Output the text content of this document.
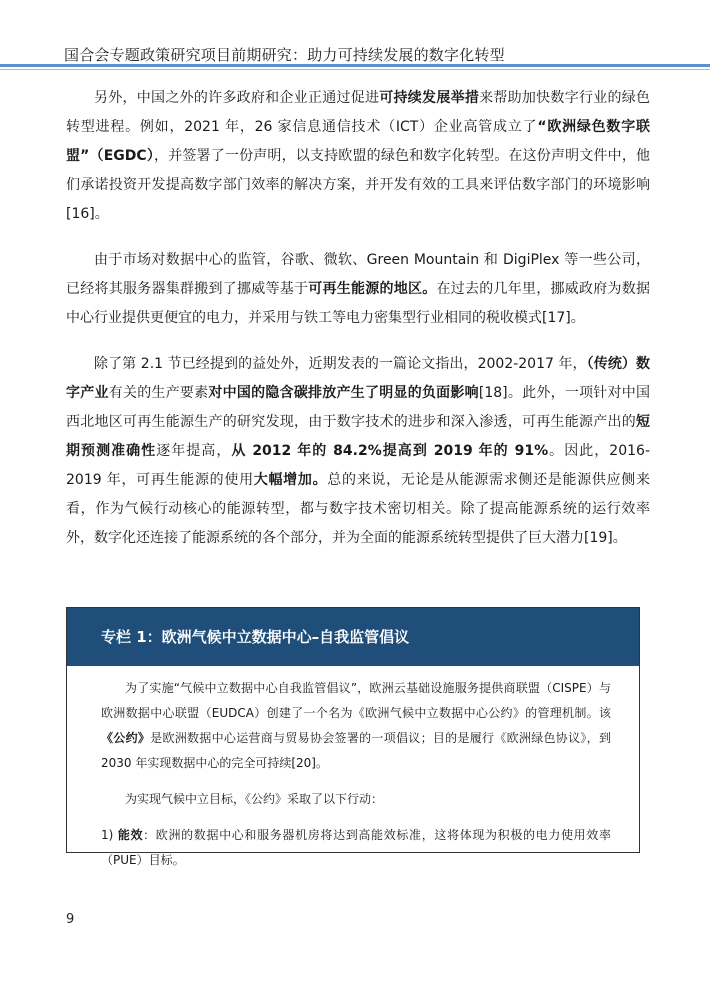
国合会专题政策研究项目前期研究：助力可持续发展的数字化转型

另外，中国之外的许多政府和企业正通过促进可持续发展举措来帮助加快数字行业的绿色转型进程。例如，2021 年，26 家信息通信技术（ICT）企业高管成立了“欧洲绿色数字联盟”（EGDC），并签署了一份声明，以支持欧盟的绿色和数字化转型。在这份声明文件中，他们承诺投资开发提高数字部门效率的解决方案，并开发有效的工具来评估数字部门的环境影响[16]。

由于市场对数据中心的监管，谷歌、微软、Green Mountain 和 DigiPlex 等一些公司，已经将其服务器集群搬到了挪威等基于可再生能源的地区。在过去的几年里，挪威政府为数据中心行业提供更便宜的电力，并采用与铁工等电力密集型行业相同的税收模式[17]。

除了第 2.1 节已经提到的益处外，近期发表的一篇论文指出，2002-2017 年，（传统）数字产业有关的生产要素对中国的隐含碳排放产生了明显的负面影响[18]。此外，一项针对中国西北地区可再生能源生产的研究发现，由于数字技术的进步和深入渗透，可再生能源产出的短期预测准确性逐年提高，从 2012 年的 84.2%提高到 2019 年的 91%。因此，2016-2019 年，可再生能源的使用大幅增加。总的来说，无论是从能源需求侧还是能源供应侧来看，作为气候行动核心的能源转型，都与数字技术密切相关。除了提高能源系统的运行效率外，数字化还连接了能源系统的各个部分，并为全面的能源系统转型提供了巨大潜力[19]。

专栏 1：欧洲气候中立数据中心–自我监管倡议

为了实施“气候中立数据中心自我监管倡议”，欧洲云基础设施服务提供商联盟（CISPE）与欧洲数据中心联盟（EUDCA）创建了一个名为《欧洲气候中立数据中心公约》的管理机制。该《公约》是欧洲数据中心运营商与贸易协会签署的一项倡议；目的是履行《欧洲绿色协议》，到 2030 年实现数据中心的完全可持续[20]。

为实现气候中立目标，《公约》采取了以下行动：

1) 能效：欧洲的数据中心和服务器机房将达到高能效标准，这将体现为积极的电力使用效率（PUE）目标。

9
